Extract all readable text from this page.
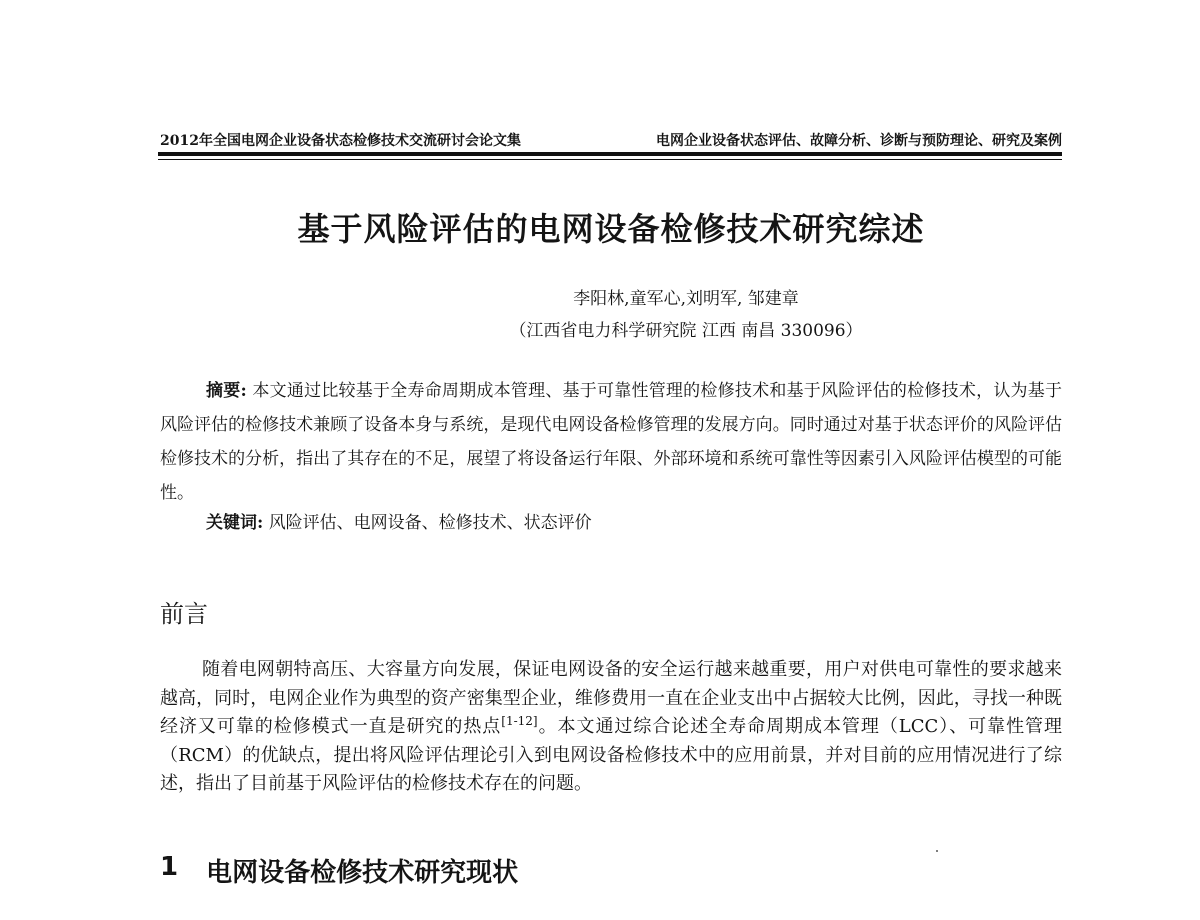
2012年全国电网企业设备状态检修技术交流研讨会论文集	电网企业设备状态评估、故障分析、诊断与预防理论、研究及案例
基于风险评估的电网设备检修技术研究综述
李阳林,童军心,刘明军, 邹建章
（江西省电力科学研究院 江西 南昌 330096）
摘要: 本文通过比较基于全寿命周期成本管理、基于可靠性管理的检修技术和基于风险评估的检修技术，认为基于风险评估的检修技术兼顾了设备本身与系统，是现代电网设备检修管理的发展方向。同时通过对基于状态评价的风险评估检修技术的分析，指出了其存在的不足，展望了将设备运行年限、外部环境和系统可靠性等因素引入风险评估模型的可能性。
关键词: 风险评估、电网设备、检修技术、状态评价
前言
随着电网朝特高压、大容量方向发展，保证电网设备的安全运行越来越重要，用户对供电可靠性的要求越来越高，同时，电网企业作为典型的资产密集型企业，维修费用一直在企业支出中占据较大比例，因此，寻找一种既经济又可靠的检修模式一直是研究的热点[1-12]。本文通过综合论述全寿命周期成本管理（LCC）、可靠性管理（RCM）的优缺点，提出将风险评估理论引入到电网设备检修技术中的应用前景，并对目前的应用情况进行了综述，指出了目前基于风险评估的检修技术存在的问题。
1 电网设备检修技术研究现状
